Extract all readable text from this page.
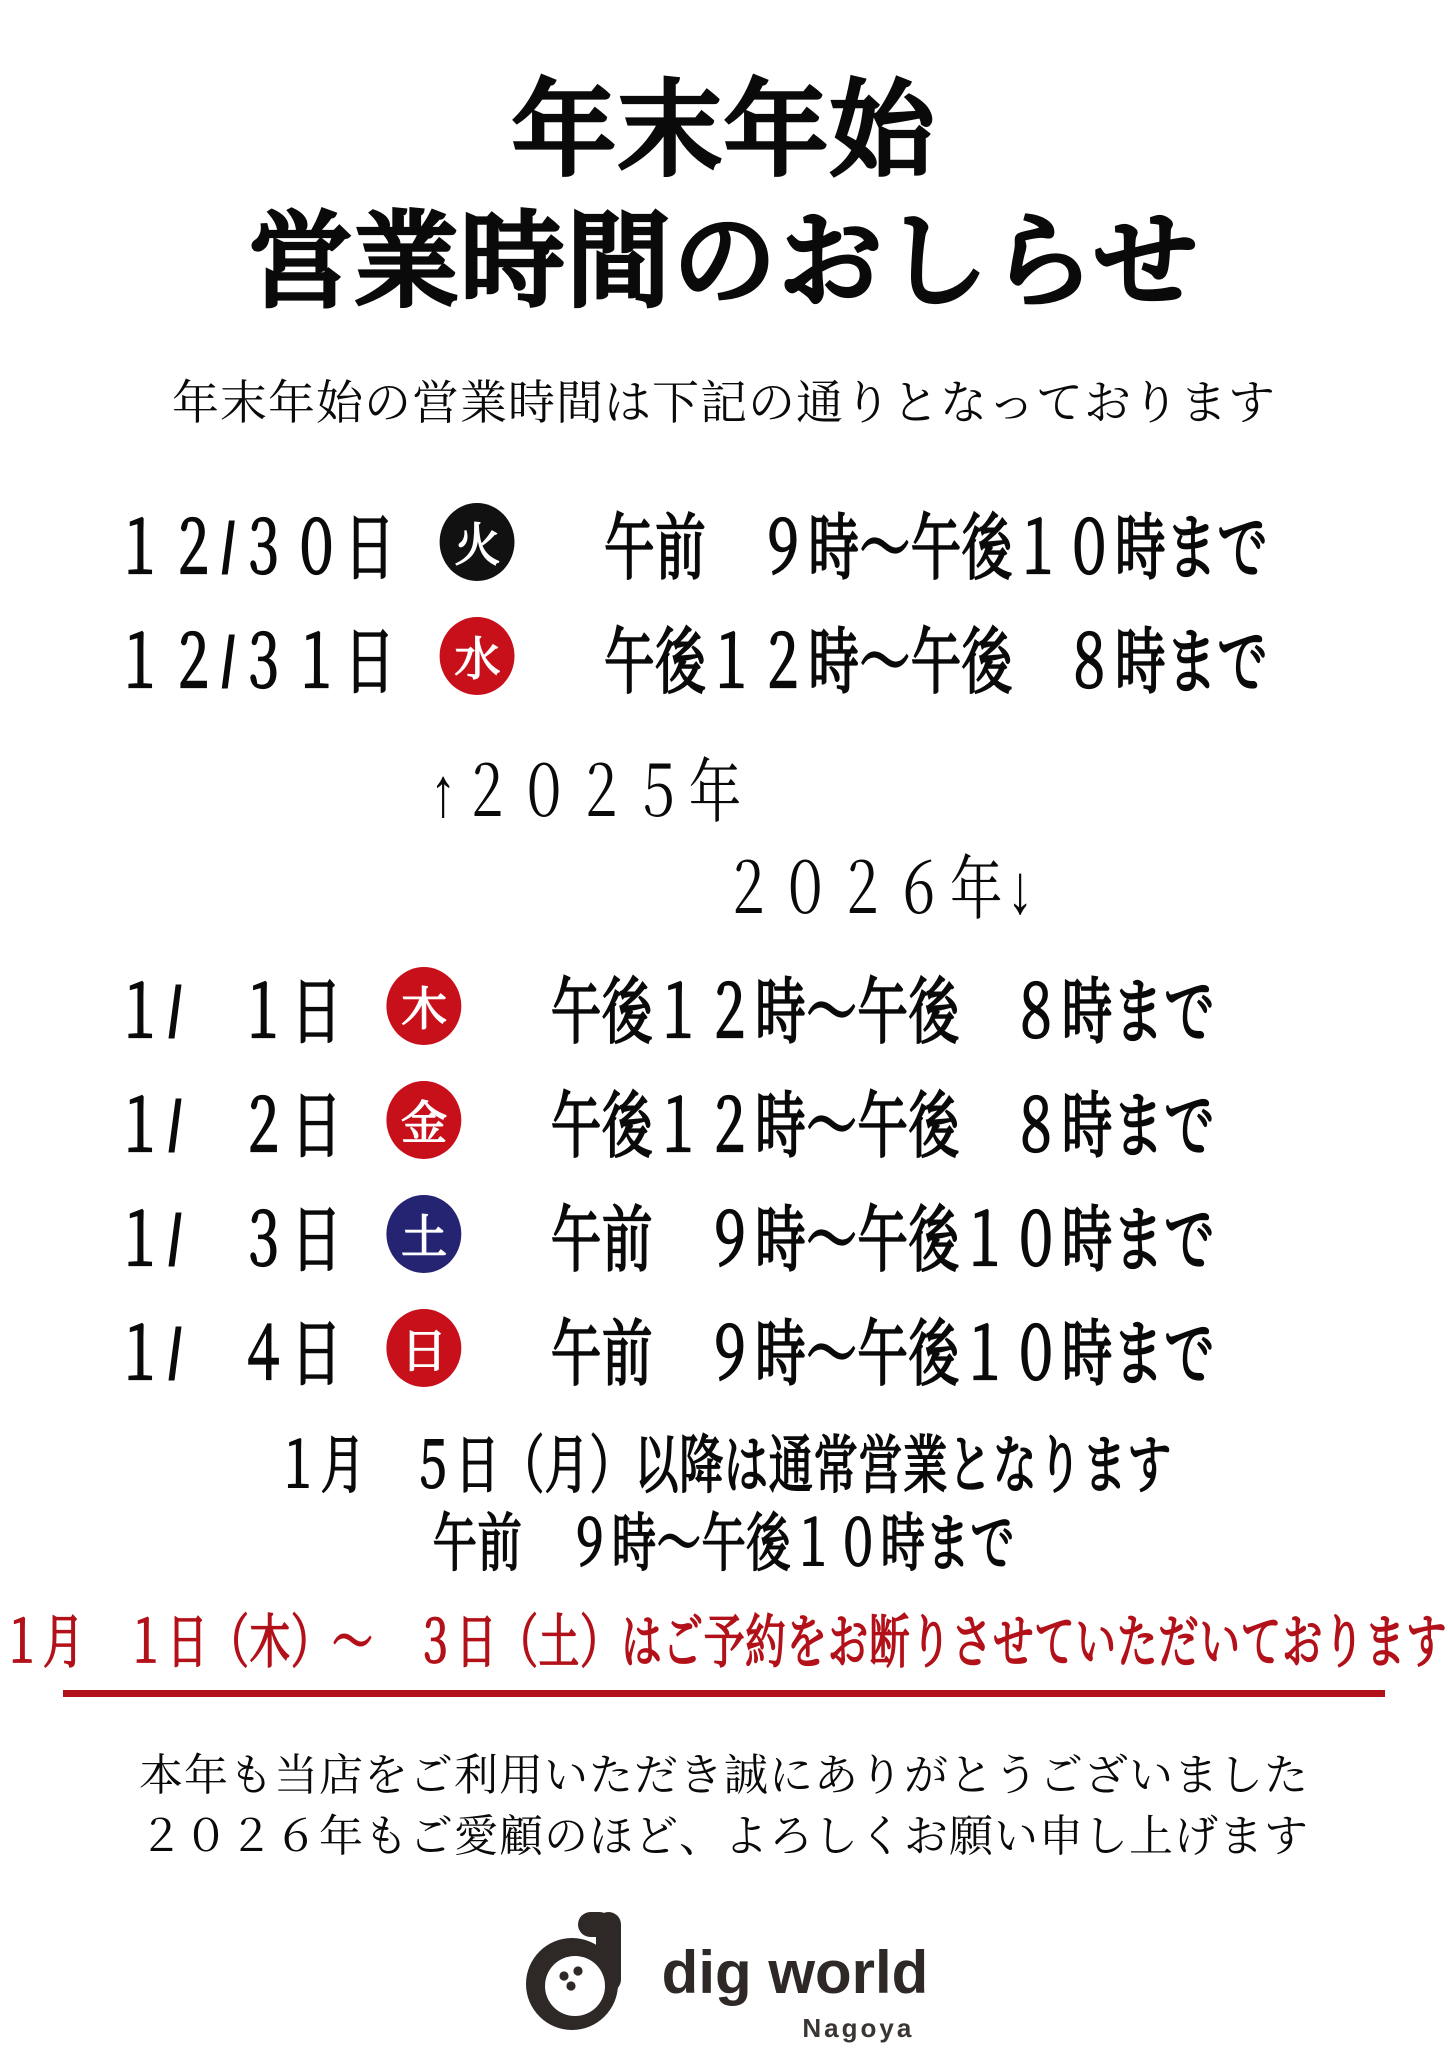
年末年始
営業時間のおしらせ
年末年始の営業時間は下記の通りとなっております
１２/３０日 火 午前　９時～午後１０時まで
１２/３１日 水 午後１２時～午後　８時まで
↑２０２５年
２０２６年↓
１/　１日 木 午後１２時～午後　８時まで
１/　２日 金 午後１２時～午後　８時まで
１/　３日 土 午前　９時～午後１０時まで
１/　４日 日 午前　９時～午後１０時まで
１月　５日（月）以降は通常営業となります
午前　９時～午後１０時まで
１月　１日（木）～　３日（土）はご予約をお断りさせていただいております
本年も当店をご利用いただき誠にありがとうございました
２０２６年もご愛顧のほど、よろしくお願い申し上げます
dig world
Nagoya
